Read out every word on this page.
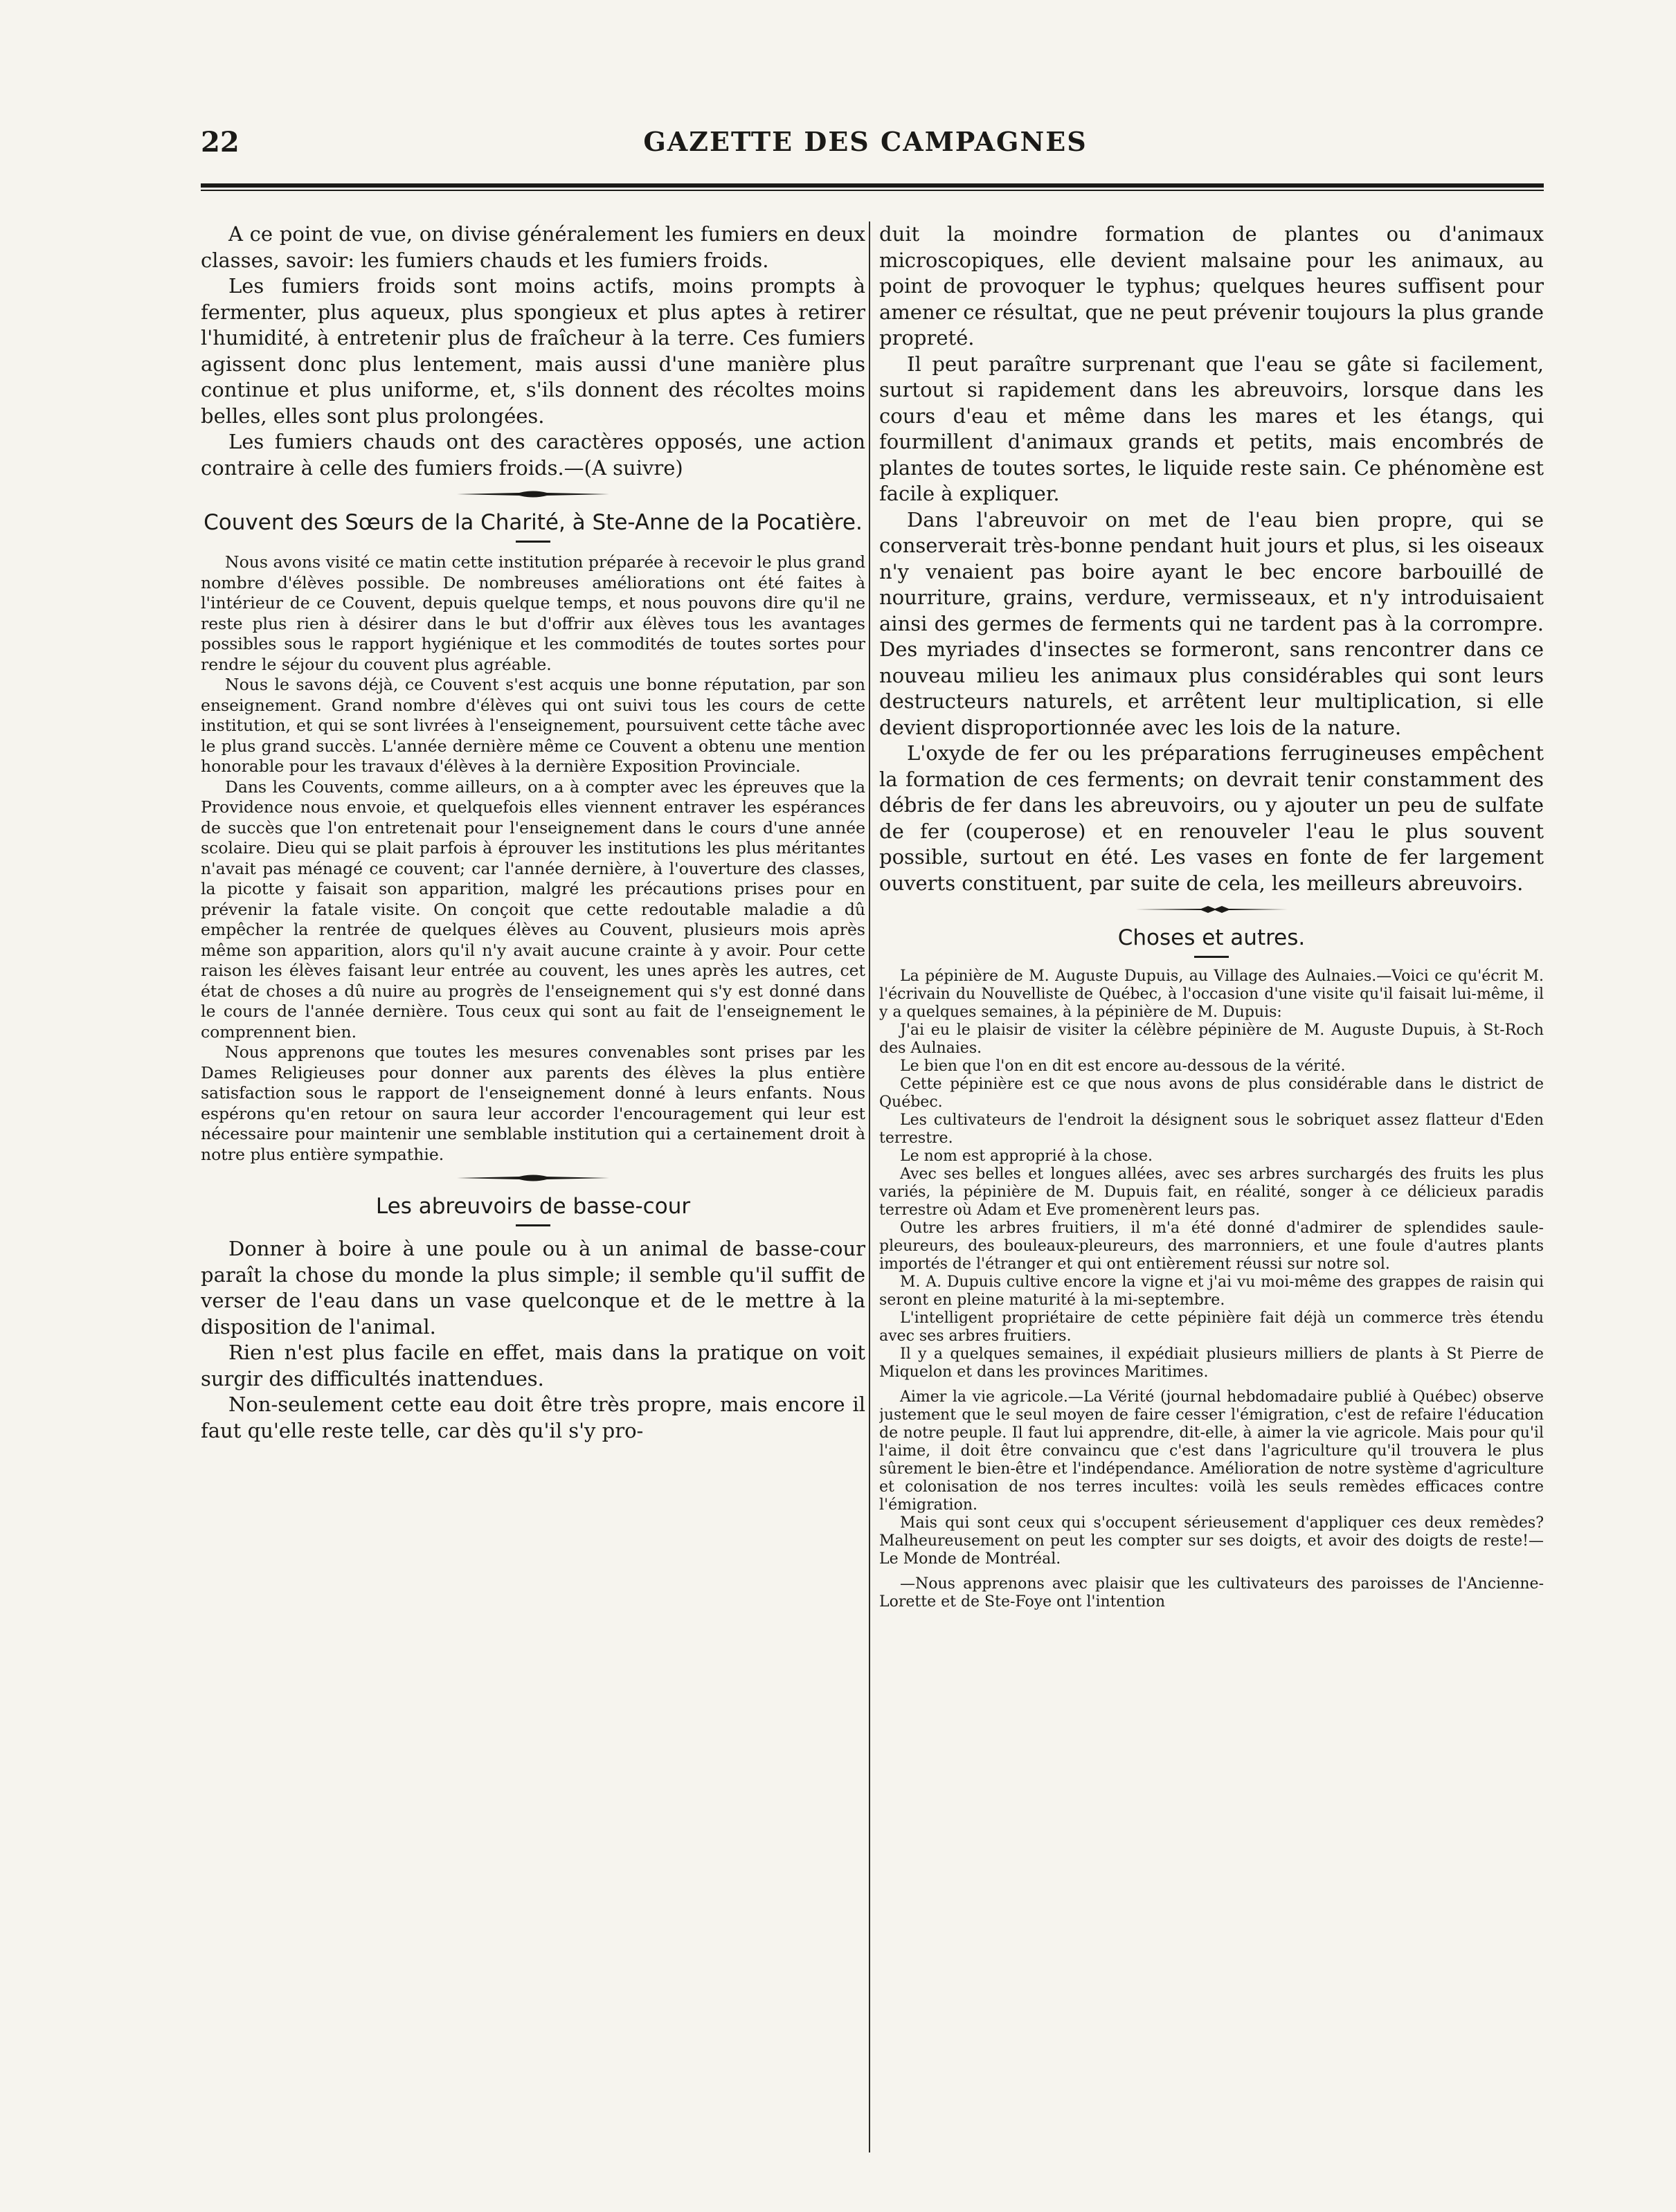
22	GAZETTE DES CAMPAGNES

A ce point de vue, on divise généralement les fumiers en deux classes, savoir: les fumiers chauds et les fumiers froids.

Les fumiers froids sont moins actifs, moins prompts à fermenter, plus aqueux, plus spongieux et plus aptes à retirer l'humidité, à entretenir plus de fraîcheur à la terre. Ces fumiers agissent donc plus lentement, mais aussi d'une manière plus continue et plus uniforme, et, s'ils donnent des récoltes moins belles, elles sont plus prolongées.

Les fumiers chauds ont des caractères opposés, une action contraire à celle des fumiers froids.—(A suivre)

Couvent des Sœurs de la Charité, à Ste-Anne de la Pocatière.

Nous avons visité ce matin cette institution préparée à recevoir le plus grand nombre d'élèves possible. De nombreuses améliorations ont été faites à l'intérieur de ce Couvent, depuis quelque temps, et nous pouvons dire qu'il ne reste plus rien à désirer dans le but d'offrir aux élèves tous les avantages possibles sous le rapport hygiénique et les commodités de toutes sortes pour rendre le séjour du couvent plus agréable.

Nous le savons déjà, ce Couvent s'est acquis une bonne réputation, par son enseignement. Grand nombre d'élèves qui ont suivi tous les cours de cette institution, et qui se sont livrées à l'enseignement, poursuivent cette tâche avec le plus grand succès. L'année dernière même ce Couvent a obtenu une mention honorable pour les travaux d'élèves à la dernière Exposition Provinciale.

Dans les Couvents, comme ailleurs, on a à compter avec les épreuves que la Providence nous envoie, et quelquefois elles viennent entraver les espérances de succès que l'on entretenait pour l'enseignement dans le cours d'une année scolaire. Dieu qui se plait parfois à éprouver les institutions les plus méritantes n'avait pas ménagé ce couvent; car l'année dernière, à l'ouverture des classes, la picotte y faisait son apparition, malgré les précautions prises pour en prévenir la fatale visite. On conçoit que cette redoutable maladie a dû empêcher la rentrée de quelques élèves au Couvent, plusieurs mois après même son apparition, alors qu'il n'y avait aucune crainte à y avoir. Pour cette raison les élèves faisant leur entrée au couvent, les unes après les autres, cet état de choses a dû nuire au progrès de l'enseignement qui s'y est donné dans le cours de l'année dernière. Tous ceux qui sont au fait de l'enseignement le comprennent bien.

Nous apprenons que toutes les mesures convenables sont prises par les Dames Religieuses pour donner aux parents des élèves la plus entière satisfaction sous le rapport de l'enseignement donné à leurs enfants. Nous espérons qu'en retour on saura leur accorder l'encouragement qui leur est nécessaire pour maintenir une semblable institution qui a certainement droit à notre plus entière sympathie.

Les abreuvoirs de basse-cour

Donner à boire à une poule ou à un animal de basse-cour paraît la chose du monde la plus simple; il semble qu'il suffit de verser de l'eau dans un vase quelconque et de le mettre à la disposition de l'animal.

Rien n'est plus facile en effet, mais dans la pratique on voit surgir des difficultés inattendues.

Non-seulement cette eau doit être très propre, mais encore il faut qu'elle reste telle, car dès qu'il s'y pro-

duit la moindre formation de plantes ou d'animaux microscopiques, elle devient malsaine pour les animaux, au point de provoquer le typhus; quelques heures suffisent pour amener ce résultat, que ne peut prévenir toujours la plus grande propreté.

Il peut paraître surprenant que l'eau se gâte si facilement, surtout si rapidement dans les abreuvoirs, lorsque dans les cours d'eau et même dans les mares et les étangs, qui fourmillent d'animaux grands et petits, mais encombrés de plantes de toutes sortes, le liquide reste sain. Ce phénomène est facile à expliquer.

Dans l'abreuvoir on met de l'eau bien propre, qui se conserverait très-bonne pendant huit jours et plus, si les oiseaux n'y venaient pas boire ayant le bec encore barbouillé de nourriture, grains, verdure, vermisseaux, et n'y introduisaient ainsi des germes de ferments qui ne tardent pas à la corrompre. Des myriades d'insectes se formeront, sans rencontrer dans ce nouveau milieu les animaux plus considérables qui sont leurs destructeurs naturels, et arrêtent leur multiplication, si elle devient disproportionnée avec les lois de la nature.

L'oxyde de fer ou les préparations ferrugineuses empêchent la formation de ces ferments; on devrait tenir constamment des débris de fer dans les abreuvoirs, ou y ajouter un peu de sulfate de fer (couperose) et en renouveler l'eau le plus souvent possible, surtout en été. Les vases en fonte de fer largement ouverts constituent, par suite de cela, les meilleurs abreuvoirs.

Choses et autres.

La pépinière de M. Auguste Dupuis, au Village des Aulnaies.—Voici ce qu'écrit M. l'écrivain du Nouvelliste de Québec, à l'occasion d'une visite qu'il faisait lui-même, il y a quelques semaines, à la pépinière de M. Dupuis:

J'ai eu le plaisir de visiter la célèbre pépinière de M. Auguste Dupuis, à St-Roch des Aulnaies.

Le bien que l'on en dit est encore au-dessous de la vérité.

Cette pépinière est ce que nous avons de plus considérable dans le district de Québec.

Les cultivateurs de l'endroit la désignent sous le sobriquet assez flatteur d'Eden terrestre.

Le nom est approprié à la chose.

Avec ses belles et longues allées, avec ses arbres surchargés des fruits les plus variés, la pépinière de M. Dupuis fait, en réalité, songer à ce délicieux paradis terrestre où Adam et Eve promenèrent leurs pas.

Outre les arbres fruitiers, il m'a été donné d'admirer de splendides saule-pleureurs, des bouleaux-pleureurs, des marronniers, et une foule d'autres plants importés de l'étranger et qui ont entièrement réussi sur notre sol.

M. A. Dupuis cultive encore la vigne et j'ai vu moi-même des grappes de raisin qui seront en pleine maturité à la mi-septembre.

L'intelligent propriétaire de cette pépinière fait déjà un commerce très étendu avec ses arbres fruitiers.

Il y a quelques semaines, il expédiait plusieurs milliers de plants à St Pierre de Miquelon et dans les provinces Maritimes.

Aimer la vie agricole.—La Vérité (journal hebdomadaire publié à Québec) observe justement que le seul moyen de faire cesser l'émigration, c'est de refaire l'éducation de notre peuple. Il faut lui apprendre, dit-elle, à aimer la vie agricole. Mais pour qu'il l'aime, il doit être convaincu que c'est dans l'agriculture qu'il trouvera le plus sûrement le bien-être et l'indépendance. Amélioration de notre système d'agriculture et colonisation de nos terres incultes: voilà les seuls remèdes efficaces contre l'émigration.

Mais qui sont ceux qui s'occupent sérieusement d'appliquer ces deux remèdes? Malheureusement on peut les compter sur ses doigts, et avoir des doigts de reste!—Le Monde de Montréal.

—Nous apprenons avec plaisir que les cultivateurs des paroisses de l'Ancienne-Lorette et de Ste-Foye ont l'intention
